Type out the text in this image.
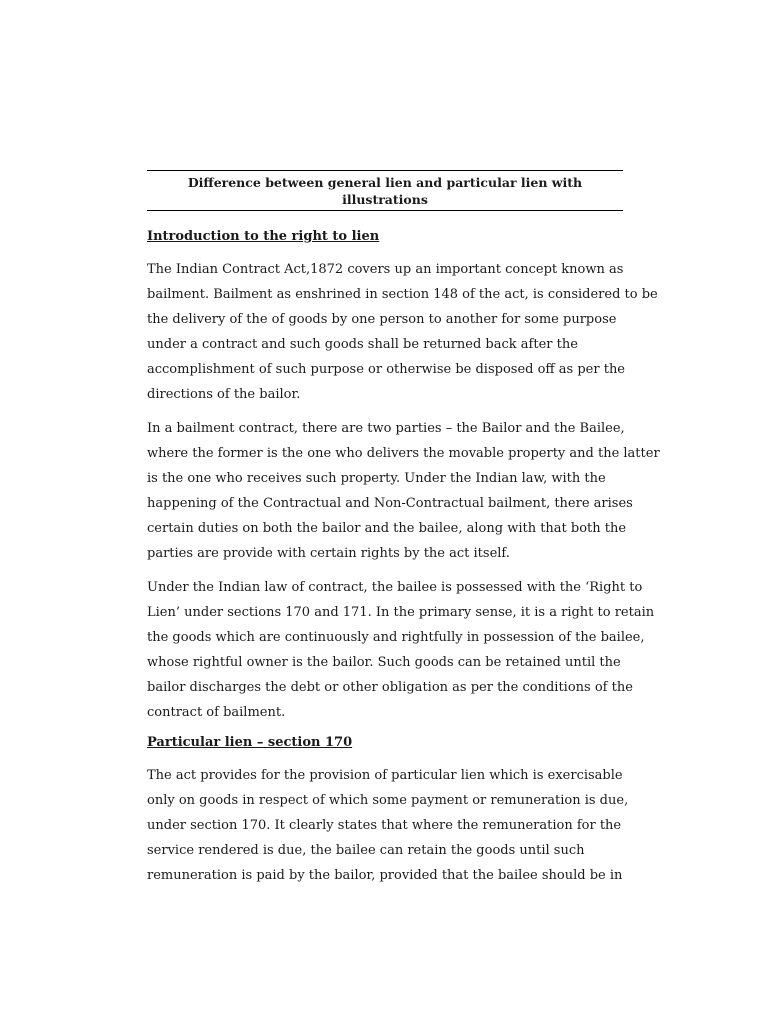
Difference between general lien and particular lien with illustrations
Introduction to the right to lien

The Indian Contract Act,1872 covers up an important concept known as
bailment. Bailment as enshrined in section 148 of the act, is considered to be
the delivery of the of goods by one person to another for some purpose
under a contract and such goods shall be returned back after the
accomplishment of such purpose or otherwise be disposed off as per the
directions of the bailor.

In a bailment contract, there are two parties – the Bailor and the Bailee,
where the former is the one who delivers the movable property and the latter
is the one who receives such property. Under the Indian law, with the
happening of the Contractual and Non-Contractual bailment, there arises
certain duties on both the bailor and the bailee, along with that both the
parties are provide with certain rights by the act itself.

Under the Indian law of contract, the bailee is possessed with the ‘Right to
Lien’ under sections 170 and 171. In the primary sense, it is a right to retain
the goods which are continuously and rightfully in possession of the bailee,
whose rightful owner is the bailor. Such goods can be retained until the
bailor discharges the debt or other obligation as per the conditions of the
contract of bailment.

Particular lien – section 170

The act provides for the provision of particular lien which is exercisable
only on goods in respect of which some payment or remuneration is due,
under section 170. It clearly states that where the remuneration for the
service rendered is due, the bailee can retain the goods until such
remuneration is paid by the bailor, provided that the bailee should be in
